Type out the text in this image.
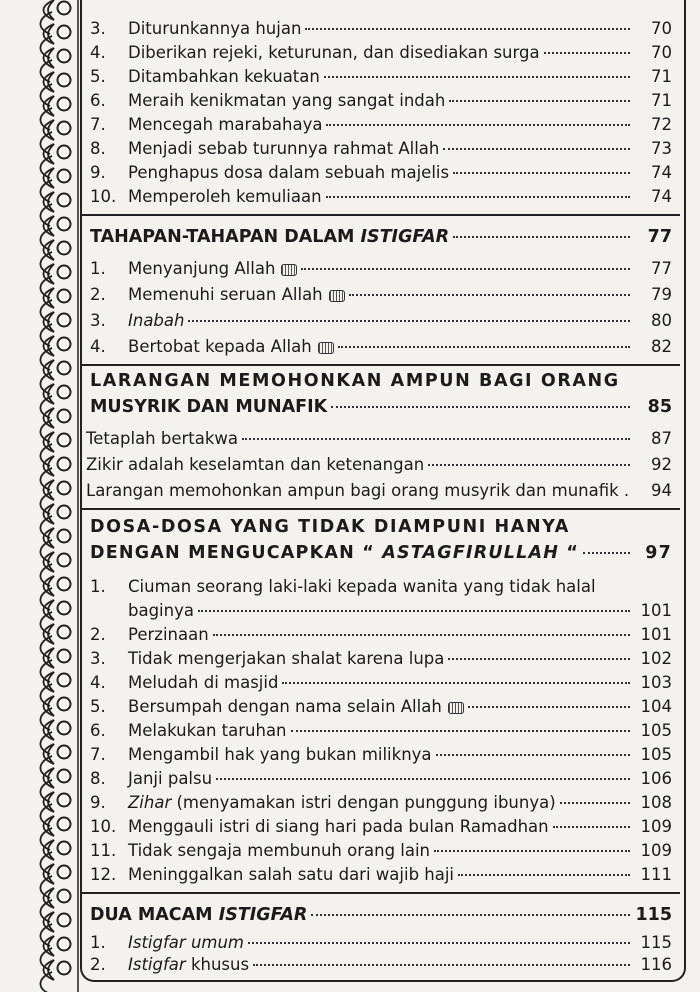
3. Diturunkannya hujan	70
4. Diberikan rejeki, keturunan, dan disediakan surga	70
5. Ditambahkan kekuatan	71
6. Meraih kenikmatan yang sangat indah	71
7. Mencegah marabahaya	72
8. Menjadi sebab turunnya rahmat Allah	73
9. Penghapus dosa dalam sebuah majelis	74
10. Memperoleh kemuliaan	74
TAHAPAN-TAHAPAN DALAM ISTIGFAR	77
1. Menyanjung Allah	77
2. Memenuhi seruan Allah	79
3. Inabah	80
4. Bertobat kepada Allah	82
LARANGAN MEMOHONKAN AMPUN BAGI ORANG
MUSYRIK DAN MUNAFIK	85
Tetaplah bertakwa	87
Zikir adalah keselamtan dan ketenangan	92
Larangan memohonkan ampun bagi orang musyrik dan munafik . 94
DOSA-DOSA YANG TIDAK DIAMPUNI HANYA
DENGAN MENGUCAPKAN “ ASTAGFIRULLAH “	97
1. Ciuman seorang laki-laki kepada wanita yang tidak halal
baginya	101
2. Perzinaan	101
3. Tidak mengerjakan shalat karena lupa	102
4. Meludah di masjid	103
5. Bersumpah dengan nama selain Allah	104
6. Melakukan taruhan	105
7. Mengambil hak yang bukan miliknya	105
8. Janji palsu	106
9. Zihar (menyamakan istri dengan punggung ibunya)	108
10. Menggauli istri di siang hari pada bulan Ramadhan	109
11. Tidak sengaja membunuh orang lain	109
12. Meninggalkan salah satu dari wajib haji	111
DUA MACAM ISTIGFAR	115
1. Istigfar umum	115
2. Istigfar khusus	116
